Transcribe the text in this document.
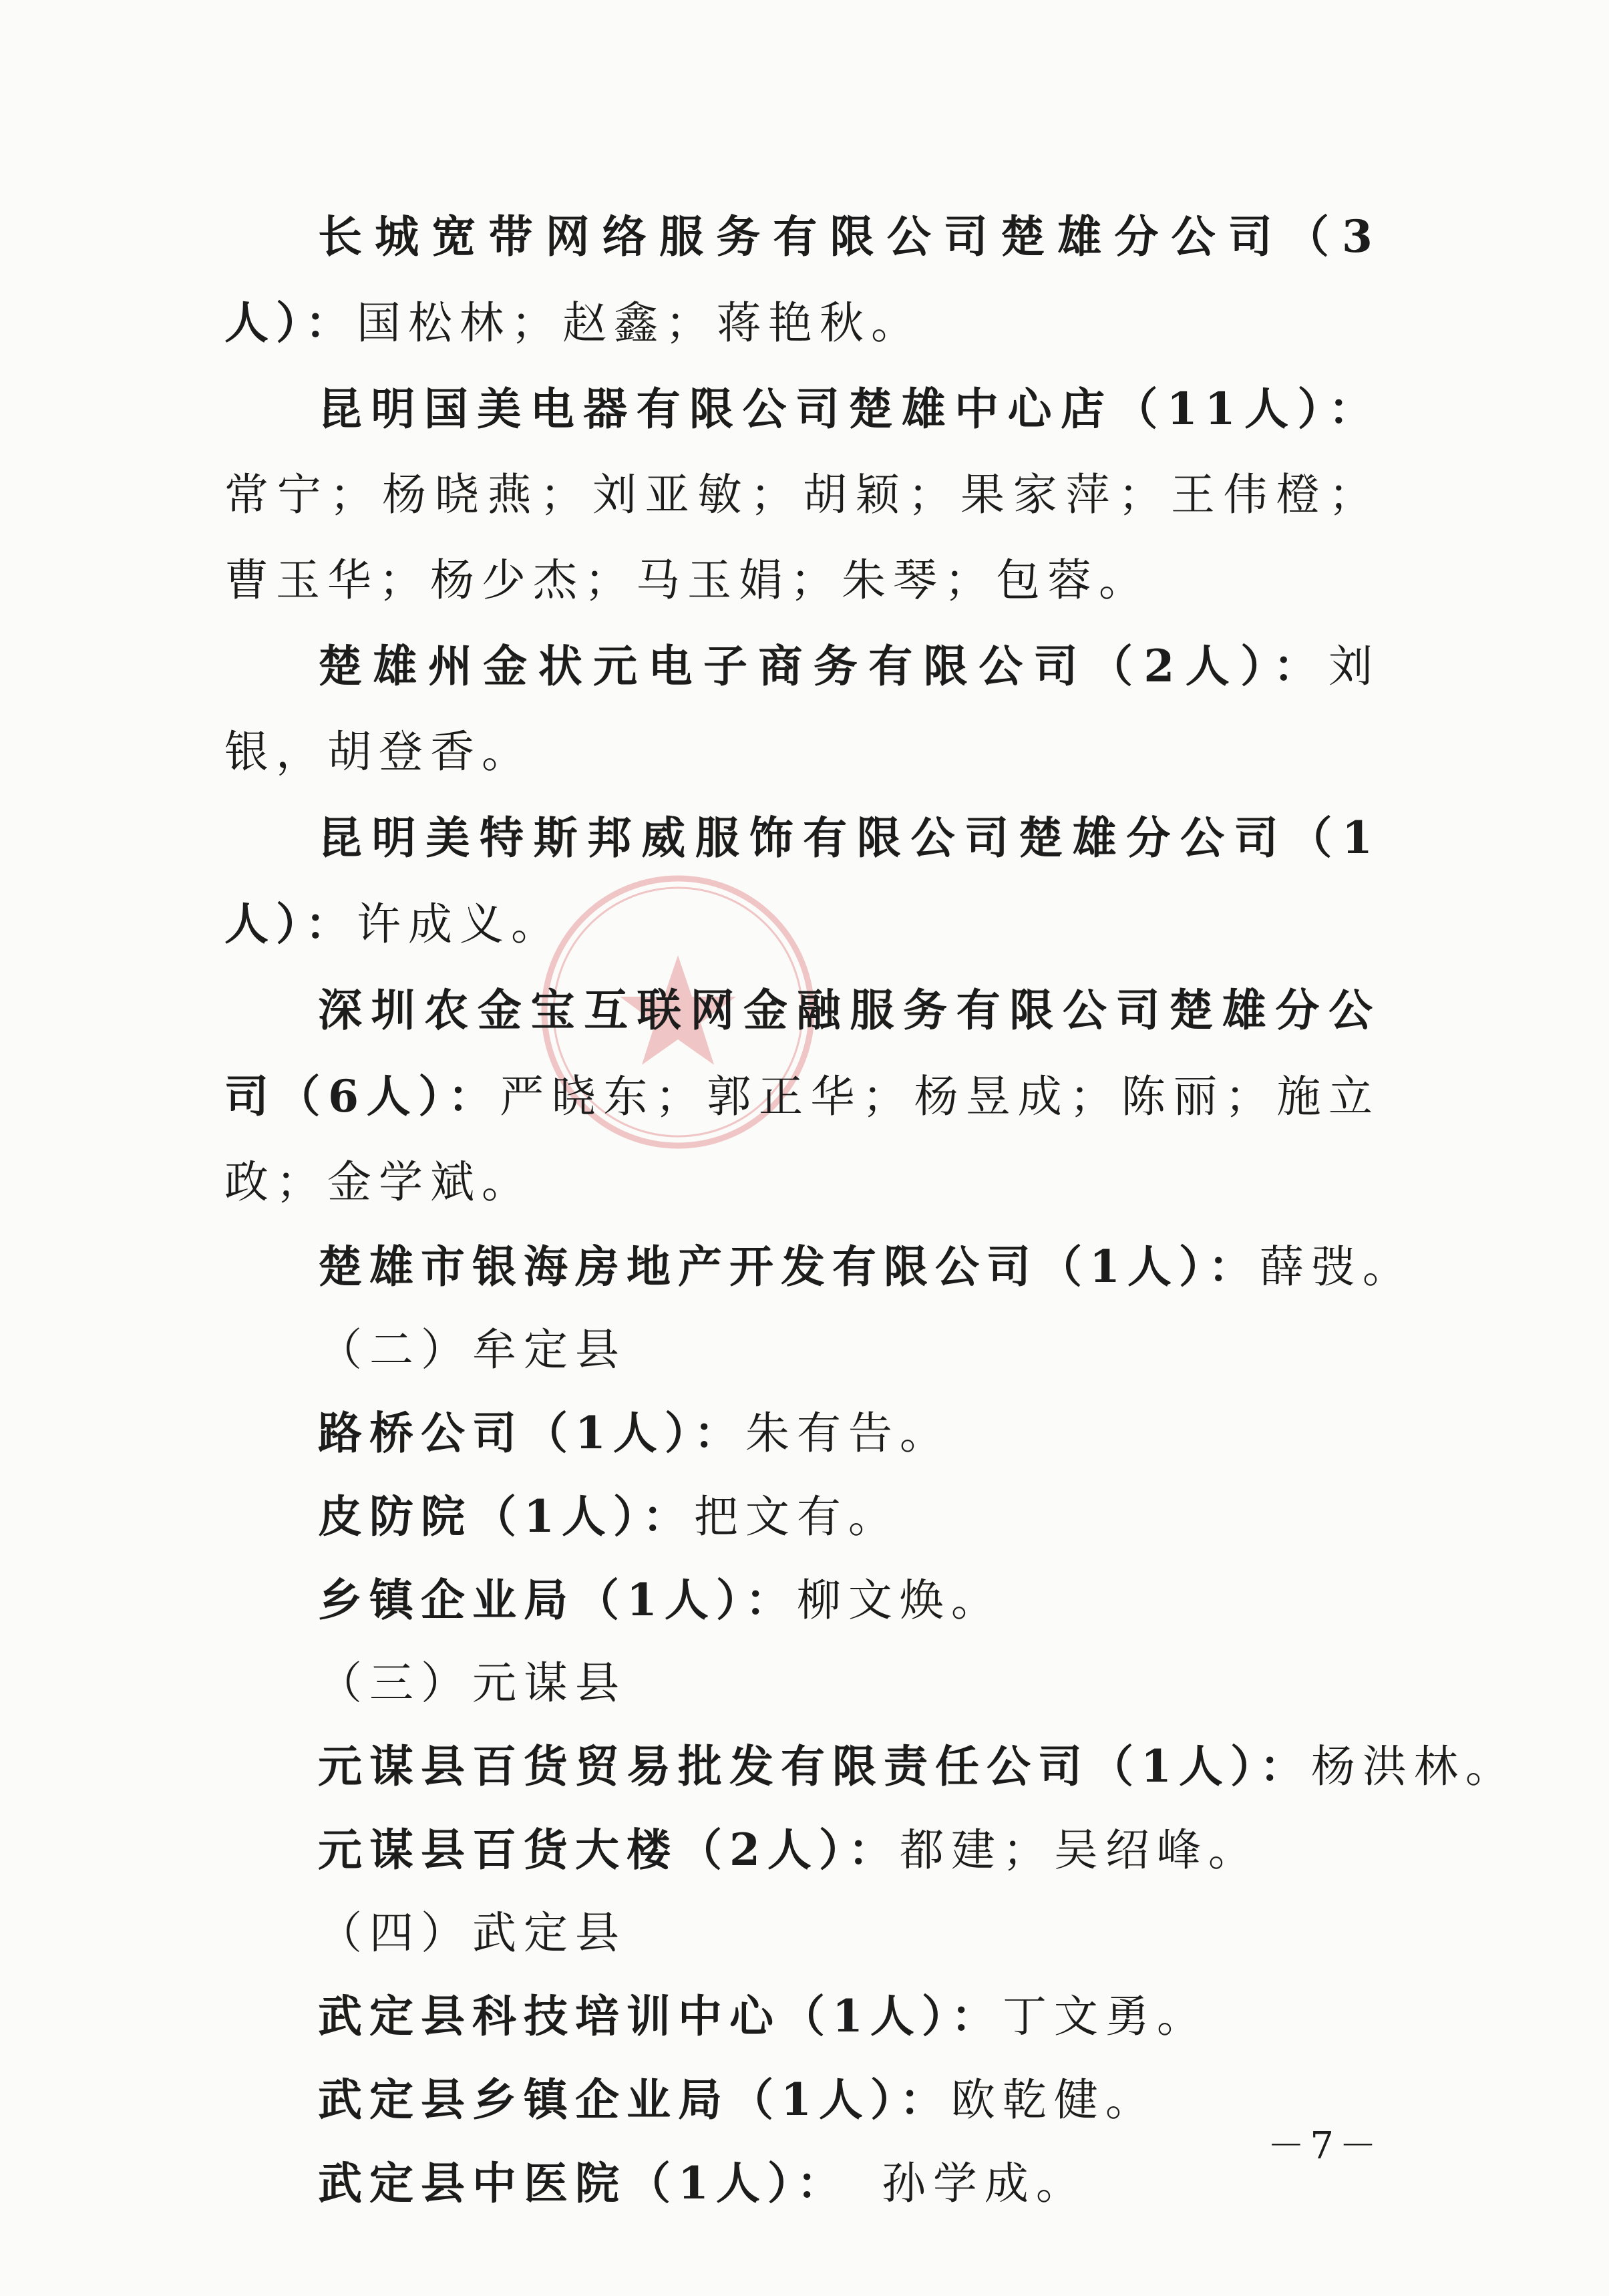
长城宽带网络服务有限公司楚雄分公司（3人）：国松林；赵鑫；蒋艳秋。

昆明国美电器有限公司楚雄中心店（11人）：常宁；杨晓燕；刘亚敏；胡颖；果家萍；王伟橙；曹玉华；杨少杰；马玉娟；朱琴；包蓉。

楚雄州金状元电子商务有限公司（2人）：刘银，胡登香。

昆明美特斯邦威服饰有限公司楚雄分公司（1人）：许成义。

深圳农金宝互联网金融服务有限公司楚雄分公司（6人）：严晓东；郭正华；杨昱成；陈丽；施立政；金学斌。

楚雄市银海房地产开发有限公司（1人）：薛弢。

（二）牟定县

路桥公司（1人）：朱有告。

皮防院（1人）：把文有。

乡镇企业局（1人）：柳文焕。

（三）元谋县

元谋县百货贸易批发有限责任公司（1人）：杨洪林。

元谋县百货大楼（2人）：都建；吴绍峰。

（四）武定县

武定县科技培训中心（1人）：丁文勇。

武定县乡镇企业局（1人）：欧乾健。

武定县中医院（1人）： 孙学成。

－7－
